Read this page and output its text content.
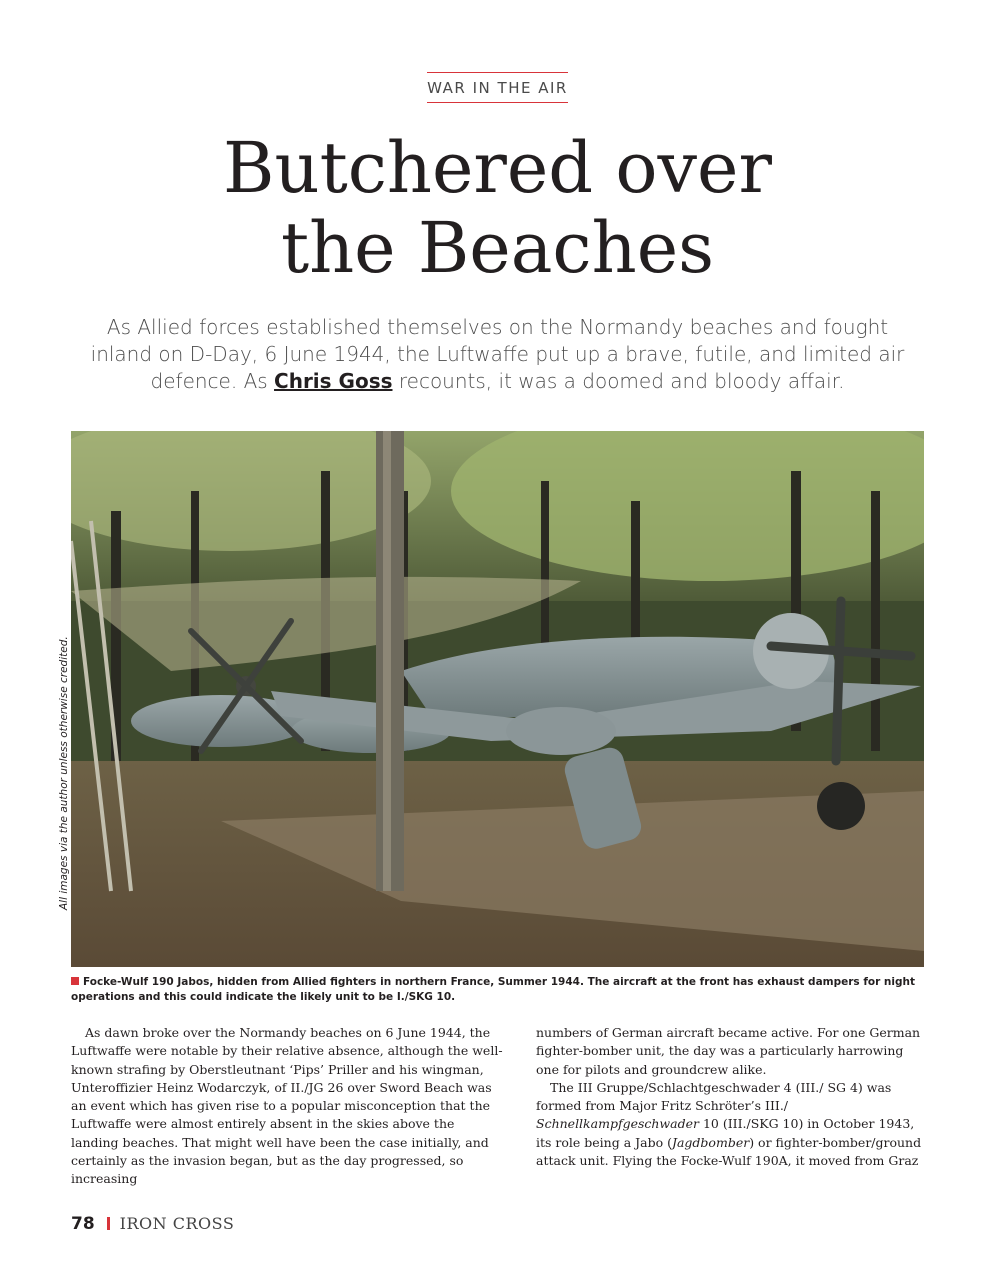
WAR IN THE AIR
Butchered over
the Beaches

As Allied forces established themselves on the Normandy beaches and fought inland on D-Day, 6 June 1944, the Luftwaffe put up a brave, futile, and limited air defence. As Chris Goss recounts, it was a doomed and bloody affair.

All images via the author unless otherwise credited.

Focke-Wulf 190 Jabos, hidden from Allied fighters in northern France, Summer 1944. The aircraft at the front has exhaust dampers for night operations and this could indicate the likely unit to be I./SKG 10.

As dawn broke over the Normandy beaches on 6 June 1944, the Luftwaffe were notable by their relative absence, although the well-known strafing by Oberstleutnant ‘Pips’ Priller and his wingman, Unteroffizier Heinz Wodarczyk, of II./JG 26 over Sword Beach was an event which has given rise to a popular misconception that the Luftwaffe were almost entirely absent in the skies above the landing beaches. That might well have been the case initially, and certainly as the invasion began, but as the day progressed, so increasing

numbers of German aircraft became active. For one German fighter-bomber unit, the day was a particularly harrowing one for pilots and groundcrew alike.

The III Gruppe/Schlachtgeschwader 4 (III./ SG 4) was formed from Major Fritz Schröter’s III./ Schnellkampfgeschwader 10 (III./SKG 10) in October 1943, its role being a Jabo (Jagdbomber) or fighter-bomber/ground attack unit. Flying the Focke-Wulf 190A, it moved from Graz

78 IRON CROSS
